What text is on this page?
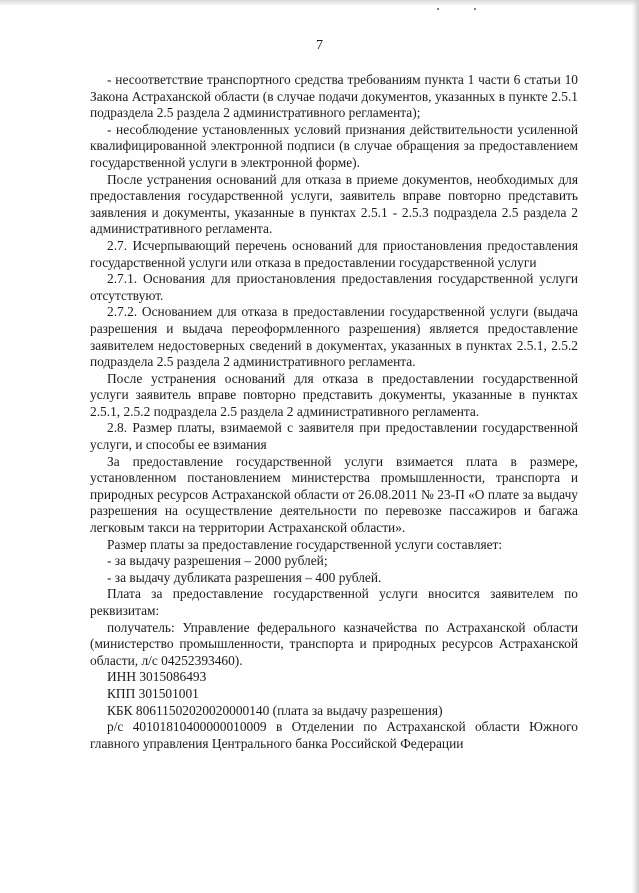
7

- несоответствие транспортного средства требованиям пункта 1 части 6 статьи 10 Закона Астраханской области (в случае подачи документов, указанных в пункте 2.5.1 подраздела 2.5 раздела 2 административного регламента);

- несоблюдение установленных условий признания действительности усиленной квалифицированной электронной подписи (в случае обращения за предоставлением государственной услуги в электронной форме).

После устранения оснований для отказа в приеме документов, необходимых для предоставления государственной услуги, заявитель вправе повторно представить заявления и документы, указанные в пунктах 2.5.1 - 2.5.3 подраздела 2.5 раздела 2 административного регламента.

2.7. Исчерпывающий перечень оснований для приостановления предоставления государственной услуги или отказа в предоставлении государственной услуги

2.7.1. Основания для приостановления предоставления государственной услуги отсутствуют.

2.7.2. Основанием для отказа в предоставлении государственной услуги (выдача разрешения и выдача переоформленного разрешения) является предоставление заявителем недостоверных сведений в документах, указанных в пунктах 2.5.1, 2.5.2 подраздела 2.5 раздела 2 административного регламента.

После устранения оснований для отказа в предоставлении государственной услуги заявитель вправе повторно представить документы, указанные в пунктах 2.5.1, 2.5.2 подраздела 2.5 раздела 2 административного регламента.

2.8. Размер платы, взимаемой с заявителя при предоставлении государственной услуги, и способы ее взимания

За предоставление государственной услуги взимается плата в размере, установленном постановлением министерства промышленности, транспорта и природных ресурсов Астраханской области от 26.08.2011 № 23-П «О плате за выдачу разрешения на осуществление деятельности по перевозке пассажиров и багажа легковым такси на территории Астраханской области».

Размер платы за предоставление государственной услуги составляет:

- за выдачу разрешения – 2000 рублей;

- за выдачу дубликата разрешения – 400 рублей.

Плата за предоставление государственной услуги вносится заявителем по реквизитам:

получатель: Управление федерального казначейства по Астраханской области (министерство промышленности, транспорта и природных ресурсов Астраханской области, л/с 04252393460).

ИНН 3015086493

КПП 301501001

КБК 80611502020020000140 (плата за выдачу разрешения)

р/с 40101810400000010009 в Отделении по Астраханской области Южного главного управления Центрального банка Российской Федерации
